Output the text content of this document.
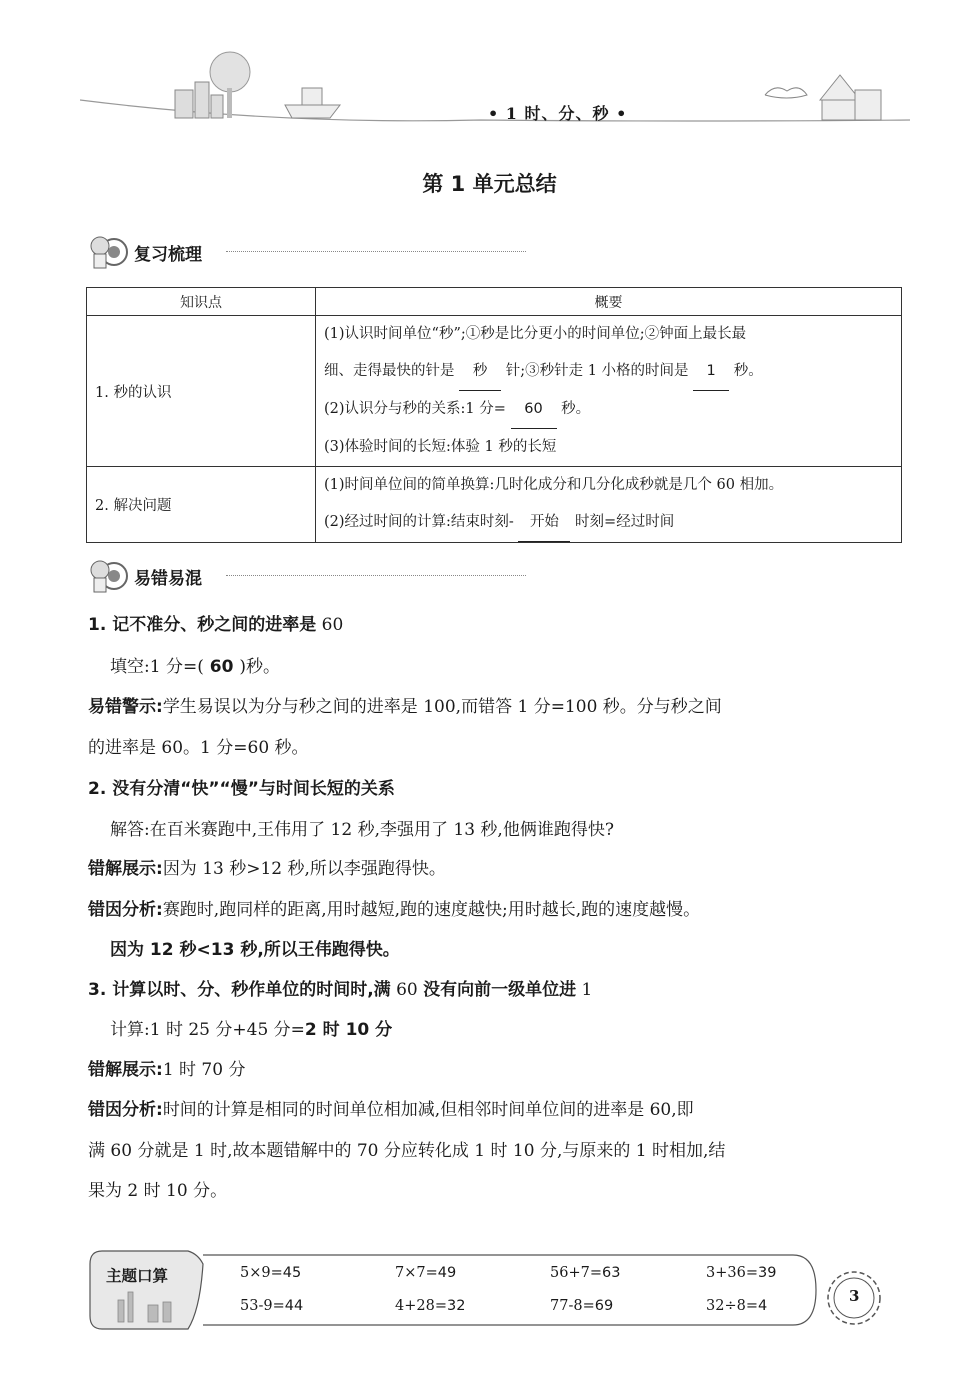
• 1 时、分、秒 •
第 1 单元总结
复习梳理
知识点	概要
1. 秒的认识	(1)认识时间单位“秒”;①秒是比分更小的时间单位;②钟面上最长最
细、走得最快的针是 秒 针;③秒针走 1 小格的时间是 1 秒。
(2)认识分与秒的关系:1 分= 60 秒。
(3)体验时间的长短:体验 1 秒的长短

2. 解决问题	(1)时间单位间的简单换算:几时化成分和几分化成秒就是几个 60 相加。
(2)经过时间的计算:结束时刻- 开始 时刻=经过时间
易错易混
1. 记不准分、秒之间的进率是 60
填空:1 分=( 60 )秒。
易错警示:学生易误以为分与秒之间的进率是 100,而错答 1 分=100 秒。分与秒之间
的进率是 60。1 分=60 秒。
2. 没有分清“快”“慢”与时间长短的关系
解答:在百米赛跑中,王伟用了 12 秒,李强用了 13 秒,他俩谁跑得快?
错解展示:因为 13 秒>12 秒,所以李强跑得快。
错因分析:赛跑时,跑同样的距离,用时越短,跑的速度越快;用时越长,跑的速度越慢。
因为 12 秒<13 秒,所以王伟跑得快。
3. 计算以时、分、秒作单位的时间时,满 60 没有向前一级单位进 1
计算:1 时 25 分+45 分=2 时 10 分
错解展示:1 时 70 分
错因分析:时间的计算是相同的时间单位相加减,但相邻时间单位间的进率是 60,即
满 60 分就是 1 时,故本题错解中的 70 分应转化成 1 时 10 分,与原来的 1 时相加,结
果为 2 时 10 分。
主题口算	5×9=45	7×7=49	56+7=63	3+36=39
53-9=44	4+28=32	77-8=69	32÷8=4
3
